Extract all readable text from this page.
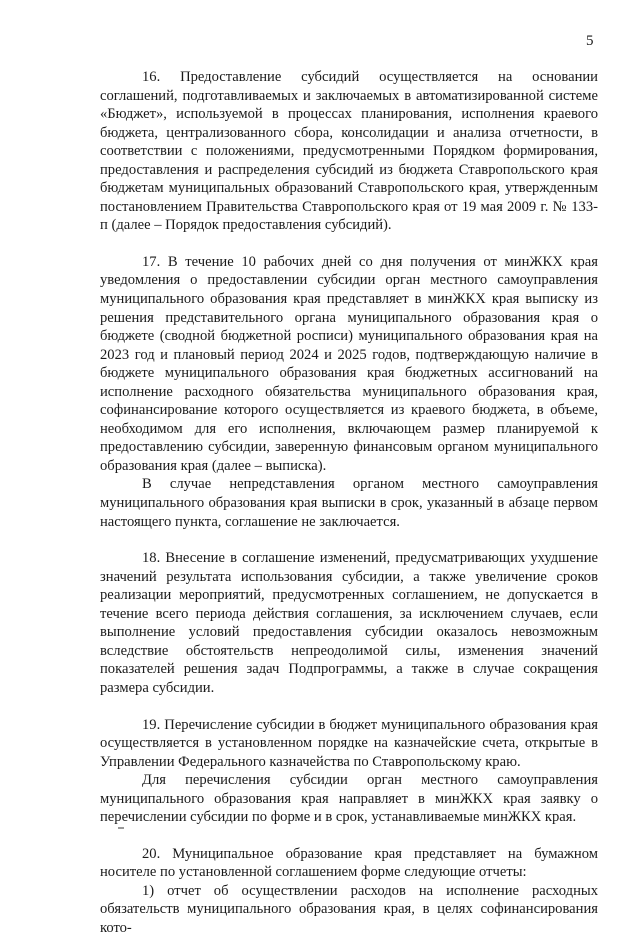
5

16. Предоставление субсидий осуществляется на основании соглашений, подготавливаемых и заключаемых в автоматизированной системе «Бюджет», используемой в процессах планирования, исполнения краевого бюджета, централизованного сбора, консолидации и анализа отчетности, в соответствии с положениями, предусмотренными Порядком формирования, предоставления и распределения субсидий из бюджета Ставропольского края бюджетам муниципальных образований Ставропольского края, утвержденным постановлением Правительства Ставропольского края от 19 мая 2009 г. № 133-п (далее – Порядок предоставления субсидий).

17. В течение 10 рабочих дней со дня получения от минЖКХ края уведомления о предоставлении субсидии орган местного самоуправления муниципального образования края представляет в минЖКХ края выписку из решения представительного органа муниципального образования края о бюджете (сводной бюджетной росписи) муниципального образования края на 2023 год и плановый период 2024 и 2025 годов, подтверждающую наличие в бюджете муниципального образования края бюджетных ассигнований на исполнение расходного обязательства муниципального образования края, софинансирование которого осуществляется из краевого бюджета, в объеме, необходимом для его исполнения, включающем размер планируемой к предоставлению субсидии, заверенную финансовым органом муниципального образования края (далее – выписка).

В случае непредставления органом местного самоуправления муниципального образования края выписки в срок, указанный в абзаце первом настоящего пункта, соглашение не заключается.

18. Внесение в соглашение изменений, предусматривающих ухудшение значений результата использования субсидии, а также увеличение сроков реализации мероприятий, предусмотренных соглашением, не допускается в течение всего периода действия соглашения, за исключением случаев, если выполнение условий предоставления субсидии оказалось невозможным вследствие обстоятельств непреодолимой силы, изменения значений показателей решения задач Подпрограммы, а также в случае сокращения размера субсидии.

19. Перечисление субсидии в бюджет муниципального образования края осуществляется в установленном порядке на казначейские счета, открытые в Управлении Федерального казначейства по Ставропольскому краю.

Для перечисления субсидии орган местного самоуправления муниципального образования края направляет в минЖКХ края заявку о перечислении субсидии по форме и в срок, устанавливаемые минЖКХ края.

20. Муниципальное образование края представляет на бумажном носителе по установленной соглашением форме следующие отчеты:

1) отчет об осуществлении расходов на исполнение расходных обязательств муниципального образования края, в целях софинансирования кото-
